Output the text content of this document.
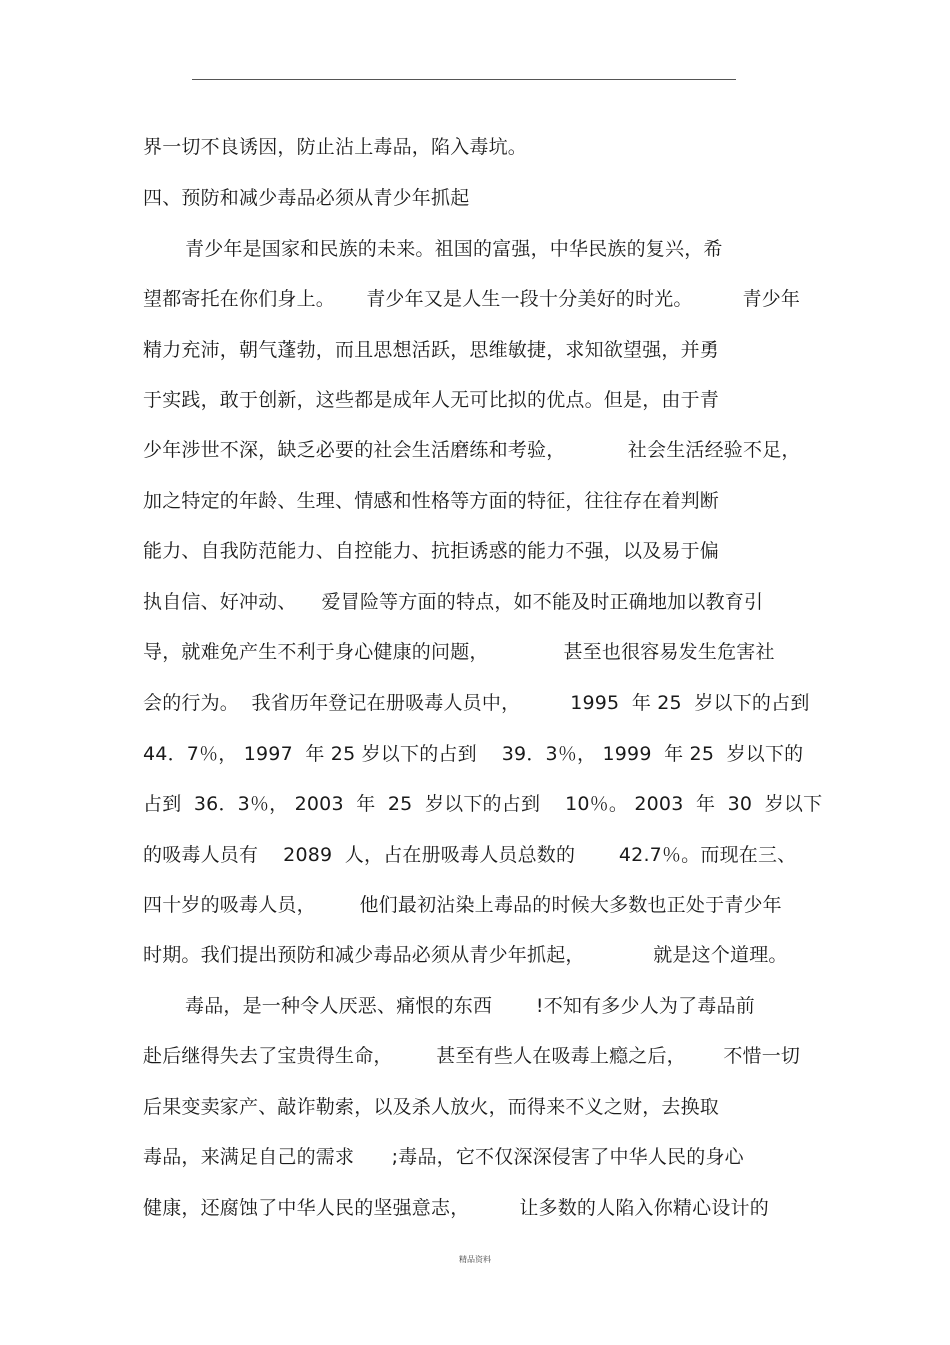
界一切不良诱因，防止沾上毒品，陷入毒坑。
四、预防和减少毒品必须从青少年抓起
青少年是国家和民族的未来。祖国的富强，中华民族的复兴，希
望都寄托在你们身上。     青少年又是人生一段十分美好的时光。        青少年
精力充沛，朝气蓬勃，而且思想活跃，思维敏捷，求知欲望强，并勇
于实践，敢于创新，这些都是成年人无可比拟的优点。但是，由于青
少年涉世不深，缺乏必要的社会生活磨练和考验，          社会生活经验不足，
加之特定的年龄、生理、情感和性格等方面的特征，往往存在着判断
能力、自我防范能力、自控能力、抗拒诱惑的能力不强，以及易于偏
执自信、好冲动、    爱冒险等方面的特点，如不能及时正确地加以教育引
导，就难免产生不利于身心健康的问题，            甚至也很容易发生危害社
会的行为。  我省历年登记在册吸毒人员中，        1995  年 25  岁以下的占到
44．7％， 1997  年 25 岁以下的占到    39．3％， 1999  年 25  岁以下的
占到  36．3％， 2003  年  25  岁以下的占到    10％。 2003  年  30  岁以下
的吸毒人员有    2089  人，占在册吸毒人员总数的       42.7％。而现在三、
四十岁的吸毒人员，       他们最初沾染上毒品的时候大多数也正处于青少年
时期。我们提出预防和减少毒品必须从青少年抓起，           就是这个道理。
毒品，是一种令人厌恶、痛恨的东西       !不知有多少人为了毒品前
赴后继得失去了宝贵得生命，       甚至有些人在吸毒上瘾之后，      不惜一切
后果变卖家产、敲诈勒索，以及杀人放火，而得来不义之财，去换取
毒品，来满足自己的需求      ;毒品，它不仅深深侵害了中华人民的身心
健康，还腐蚀了中华人民的坚强意志，        让多数的人陷入你精心设计的
精品资料
